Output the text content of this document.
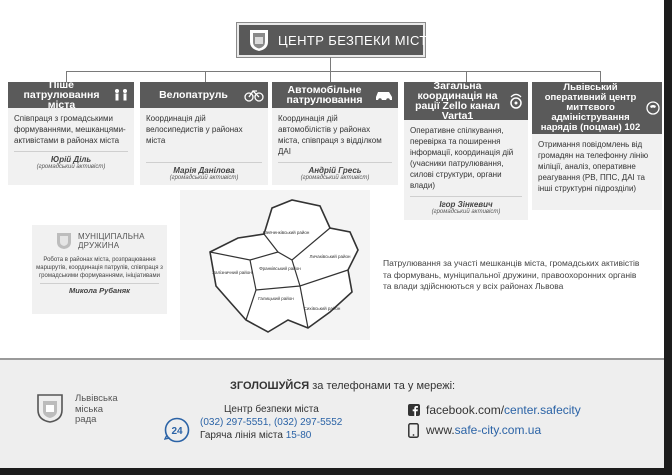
ЦЕНТР БЕЗПЕКИ МІСТА
Піше патрулювання міста
Співпраця з громадськими формуваннями, мешканцями-активістами в районах міста
Юрій Діль
(громадський активіст)
Велопатруль
Координація дій велосипедистів у районах міста
Марія Данілова
(громадський активіст)
Автомобільне патрулювання
Координація дій автомобілістів у районах міста, співпраця з відділком ДАІ
Андрій Гресь
(громадський активіст)
Загальна координація на рації Zello канал Varta1
Оперативне спілкування, перевірка та поширення інформації, координація дій (учасники патрулювання, силові структури, органи влади)
Ігор Зінкевич
(громадський активіст)
Львівський оперативний центр миттєвого адміністрування нарядів (поцман) 102
Отримання повідомлень від громадян на телефонну лінію міліції, аналіз, оперативне реагування (РВ, ППС, ДАІ та інші структурні підрозділи)
Шевченківський район
Франківський район
Личаківський район
Залізничний район
Галицький район
Сихівський район
МУНІЦИПАЛЬНА
ДРУЖИНА
Робота в районах міста, розпрацювання маршрутів, координація патрулів, співпраця з громадськими формуваннями, ініціативами
Микола Рубаняк
Патрулювання за участі мешканців міста, громадських активістів та формувань, муніципальної дружини, правоохоронних органів та влади здійснюються у всіх районах Львова
Львівська
міська
рада
ЗГОЛОШУЙСЯ за телефонами та у мережі:
24
Центр безпеки міста
(032) 297-5551, (032) 297-5552
Гаряча лінія міста 15-80
facebook.com/center.safecity
www.safe-city.com.ua
